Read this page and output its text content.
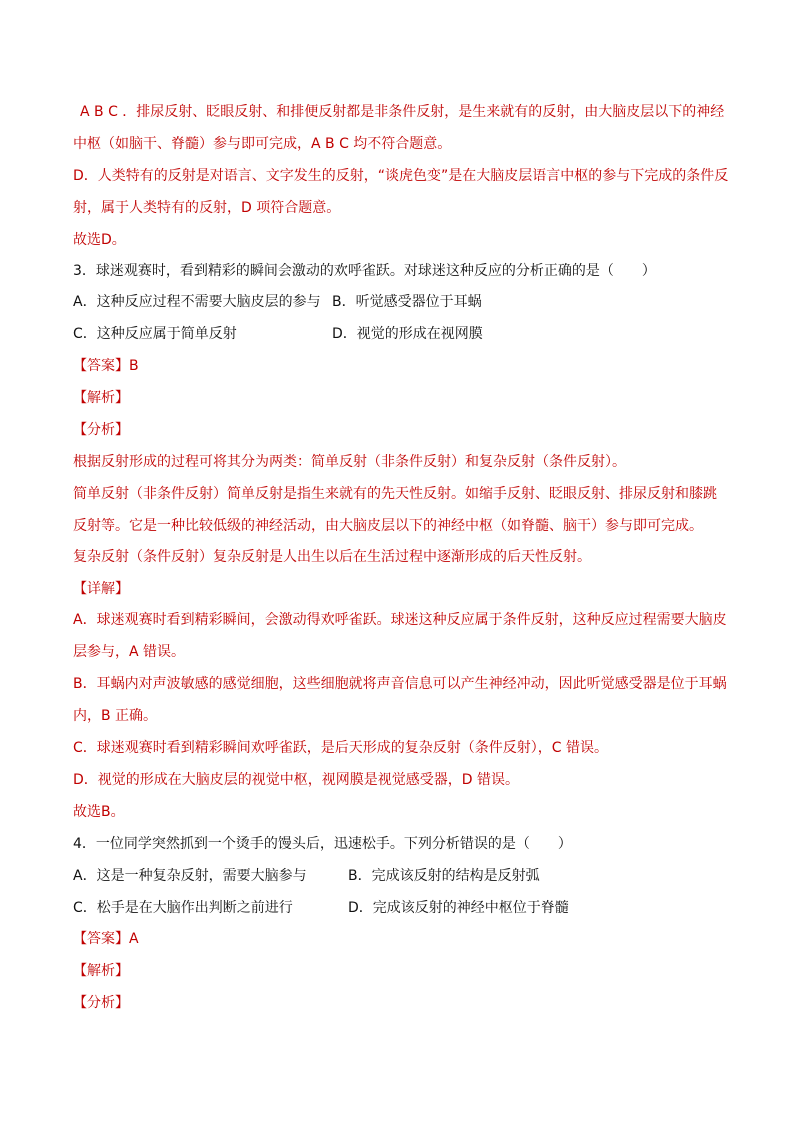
A B C ．排尿反射、眨眼反射、和排便反射都是非条件反射，是生来就有的反射，由大脑皮层以下的神经
中枢（如脑干、脊髓）参与即可完成，A B C 均不符合题意。
D．人类特有的反射是对语言、文字发生的反射，“谈虎色变”是在大脑皮层语言中枢的参与下完成的条件反
射，属于人类特有的反射，D 项符合题意。
故选D。
3．球迷观赛时，看到精彩的瞬间会激动的欢呼雀跃。对球迷这种反应的分析正确的是（　　）
A．这种反应过程不需要大脑皮层的参与 B．听觉感受器位于耳蜗
C．这种反应属于简单反射	D．视觉的形成在视网膜
【答案】B
【解析】
【分析】
根据反射形成的过程可将其分为两类：简单反射（非条件反射）和复杂反射（条件反射）。
简单反射（非条件反射）简单反射是指生来就有的先天性反射。如缩手反射、眨眼反射、排尿反射和膝跳
反射等。它是一种比较低级的神经活动，由大脑皮层以下的神经中枢（如脊髓、脑干）参与即可完成。
复杂反射（条件反射）复杂反射是人出生以后在生活过程中逐渐形成的后天性反射。
【详解】
A．球迷观赛时看到精彩瞬间，会激动得欢呼雀跃。球迷这种反应属于条件反射，这种反应过程需要大脑皮
层参与，A 错误。
B．耳蜗内对声波敏感的感觉细胞，这些细胞就将声音信息可以产生神经冲动，因此听觉感受器是位于耳蜗
内，B 正确。
C．球迷观赛时看到精彩瞬间欢呼雀跃，是后天形成的复杂反射（条件反射），C 错误。
D．视觉的形成在大脑皮层的视觉中枢，视网膜是视觉感受器，D 错误。
故选B。
4．一位同学突然抓到一个烫手的馒头后，迅速松手。下列分析错误的是（　　）
A．这是一种复杂反射，需要大脑参与	B．完成该反射的结构是反射弧
C．松手是在大脑作出判断之前进行	D．完成该反射的神经中枢位于脊髓
【答案】A
【解析】
【分析】
